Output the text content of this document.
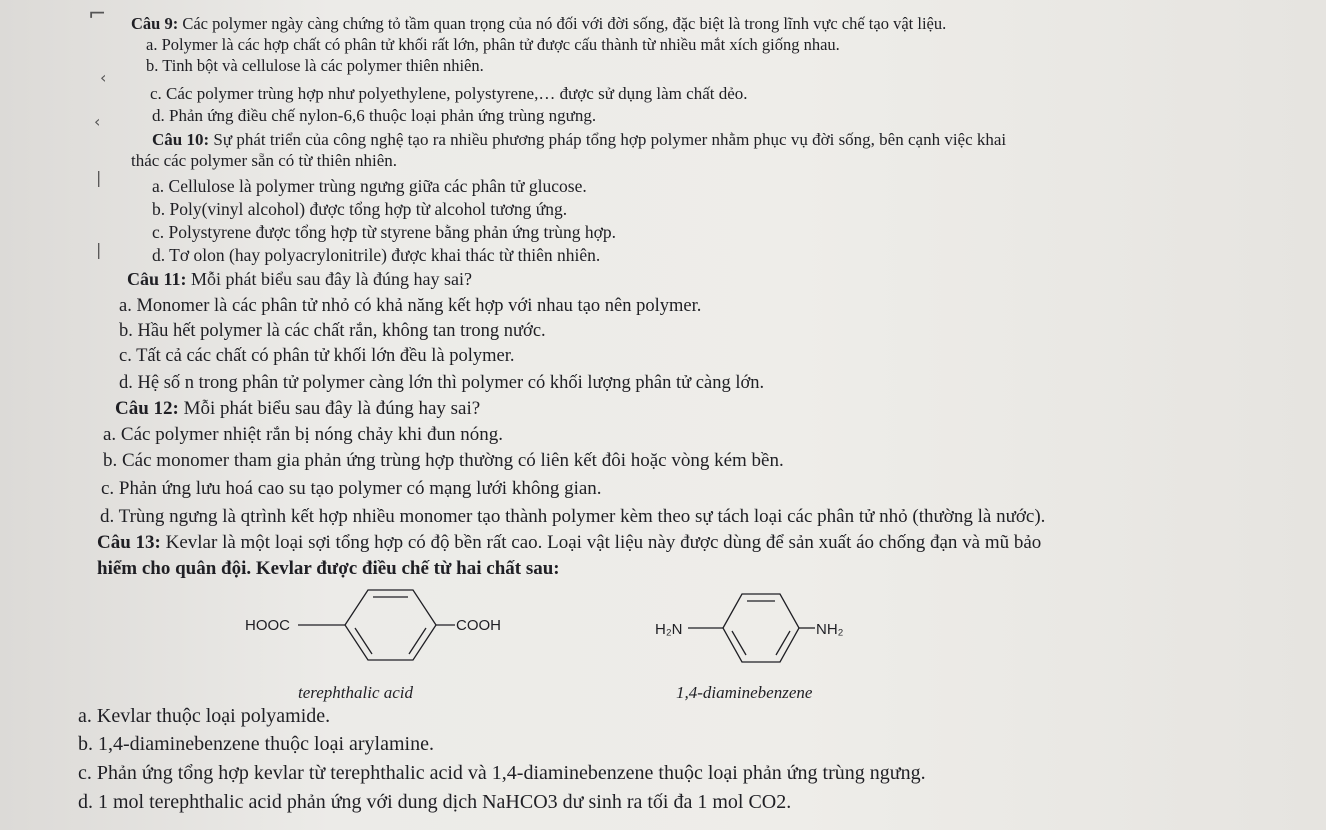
⌐
‹
‹
|
|
Câu 9: Các polymer ngày càng chứng tỏ tầm quan trọng của nó đối với đời sống, đặc biệt là trong lĩnh vực chế tạo vật liệu.
a. Polymer là các hợp chất có phân tử khối rất lớn, phân tử được cấu thành từ nhiều mắt xích giống nhau.
b. Tinh bột và cellulose là các polymer thiên nhiên.
c. Các polymer trùng hợp như polyethylene, polystyrene,… được sử dụng làm chất dẻo.
d. Phản ứng điều chế nylon-6,6 thuộc loại phản ứng trùng ngưng.
Câu 10: Sự phát triển của công nghệ tạo ra nhiều phương pháp tổng hợp polymer nhằm phục vụ đời sống, bên cạnh việc khai
thác các polymer sẵn có từ thiên nhiên.
a. Cellulose là polymer trùng ngưng giữa các phân tử glucose.
b. Poly(vinyl alcohol) được tổng hợp từ alcohol tương ứng.
c. Polystyrene được tổng hợp từ styrene bằng phản ứng trùng hợp.
d. Tơ olon (hay polyacrylonitrile) được khai thác từ thiên nhiên.
Câu 11: Mỗi phát biểu sau đây là đúng hay sai?
a. Monomer là các phân tử nhỏ có khả năng kết hợp với nhau tạo nên polymer.
b. Hầu hết polymer là các chất rắn, không tan trong nước.
c. Tất cả các chất có phân tử khối lớn đều là polymer.
d. Hệ số n trong phân tử polymer càng lớn thì polymer có khối lượng phân tử càng lớn.
Câu 12: Mỗi phát biểu sau đây là đúng hay sai?
a. Các polymer nhiệt rắn bị nóng chảy khi đun nóng.
b. Các monomer tham gia phản ứng trùng hợp thường có liên kết đôi hoặc vòng kém bền.
c. Phản ứng lưu hoá cao su tạo polymer có mạng lưới không gian.
d. Trùng ngưng là qtrình kết hợp nhiều monomer tạo thành polymer kèm theo sự tách loại các phân tử nhỏ (thường là nước).
Câu 13: Kevlar là một loại sợi tổng hợp có độ bền rất cao. Loại vật liệu này được dùng để sản xuất áo chống đạn và mũ bảo
hiểm cho quân đội. Kevlar được điều chế từ hai chất sau:
HOOC	COOH	H₂N	NH₂
terephthalic acid	1,4-diaminebenzene
a. Kevlar thuộc loại polyamide.
b. 1,4-diaminebenzene thuộc loại arylamine.
c. Phản ứng tổng hợp kevlar từ terephthalic acid và 1,4-diaminebenzene thuộc loại phản ứng trùng ngưng.
d. 1 mol terephthalic acid phản ứng với dung dịch NaHCO3 dư sinh ra tối đa 1 mol CO2.
